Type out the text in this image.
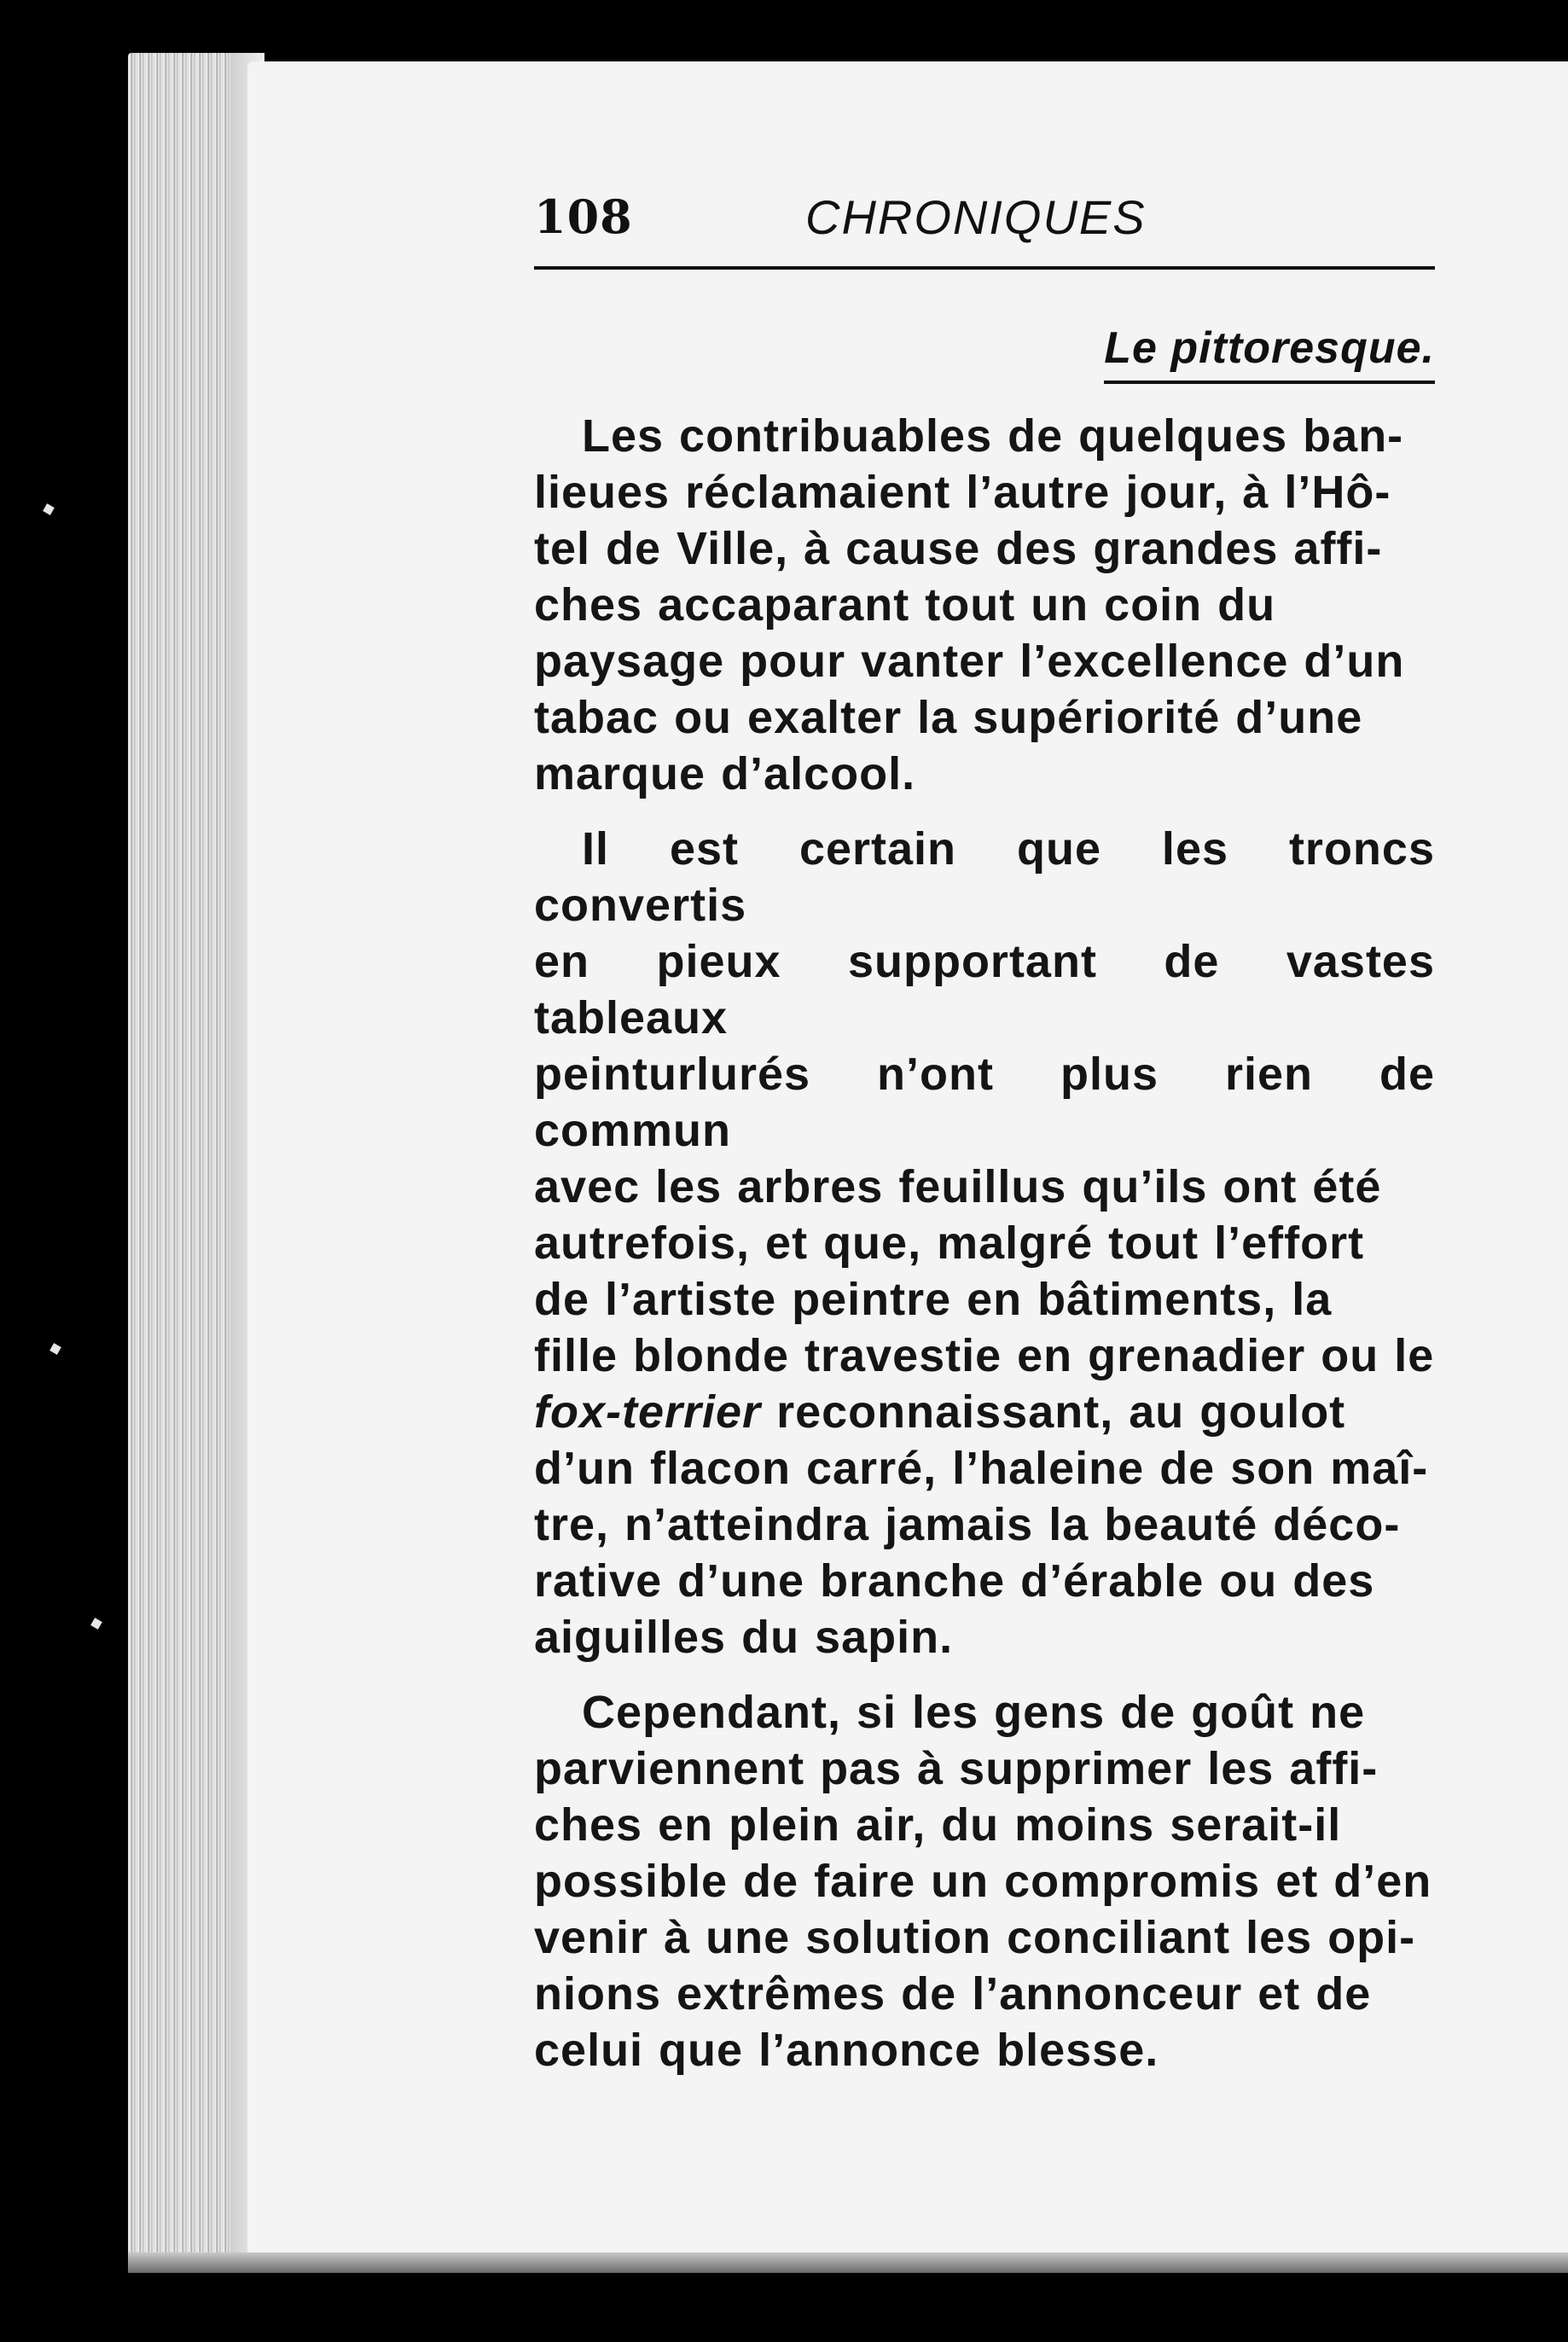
108	CHRONIQUES
Le pittoresque.

Les contribuables de quelques ban-
lieues réclamaient l’autre jour, à l’Hô-
tel de Ville, à cause des grandes affi-
ches accaparant tout un coin du
paysage pour vanter l’excellence d’un
tabac ou exalter la supériorité d’une
marque d’alcool.

Il est certain que les troncs convertis
en pieux supportant de vastes tableaux
peinturlurés n’ont plus rien de commun
avec les arbres feuillus qu’ils ont été
autrefois, et que, malgré tout l’effort
de l’artiste peintre en bâtiments, la
fille blonde travestie en grenadier ou le
fox-terrier reconnaissant, au goulot
d’un flacon carré, l’haleine de son maî-
tre, n’atteindra jamais la beauté déco-
rative d’une branche d’érable ou des
aiguilles du sapin.

Cependant, si les gens de goût ne
parviennent pas à supprimer les affi-
ches en plein air, du moins serait-il
possible de faire un compromis et d’en
venir à une solution conciliant les opi-
nions extrêmes de l’annonceur et de
celui que l’annonce blesse.
